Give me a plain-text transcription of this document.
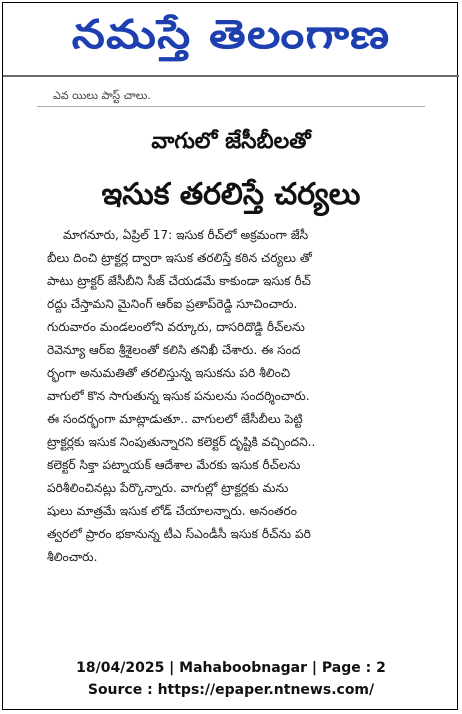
నమస్తే తెలంగాణ
ఎవ యిలు పాస్ట్ చాలు.
వాగులో జేసీబీలతో
ఇసుక తరలిస్తే చర్యలు
మాగనూరు, ఏప్రిల్ 17: ఇసుక రీచ్‌లో అక్రమంగా జేసీ
బీలు దించి ట్రాక్టర్ల ద్వారా ఇసుక తరలిస్తే కఠిన చర్యలు తో
పాటు ట్రాక్టర్ జేసీబీని సీజ్ చేయడమే కాకుండా ఇసుక రీచ్
రద్దు చేస్తామని మైనింగ్ ఆర్‌ఐ ప్రతాప్‌రెడ్డి సూచించారు.
గురువారం మండలంలోని వర్కూరు, దాసరిదొడ్డి రీచ్‌లను
రెవెన్యూ ఆర్‌ఐ శ్రీశైలంతో కలిసి తనిఖీ చేశారు. ఈ సంద
ర్భంగా అనుమతితో తరలిస్తున్న ఇసుకను పరి శీలించి
వాగులో కొన సాగుతున్న ఇసుక పనులను సందర్శించారు.
ఈ సందర్భంగా మాట్లాడుతూ.. వాగులలో జేసీబీలు పెట్టి
ట్రాక్టర్లకు ఇసుక నింపుతున్నారని కలెక్టర్ దృష్టికి వచ్చిందని..
కలెక్టర్ సిక్తా పట్నాయక్ ఆదేశాల మేరకు ఇసుక రీచ్‌లను
పరిశీలించినట్లు పేర్కొన్నారు. వాగుల్లో ట్రాక్టర్లకు మను
షులు మాత్రమే ఇసుక లోడ్ చేయాలన్నారు. అనంతరం
త్వరలో ప్రారం భకానున్న టీఎ స్‌ఎండీసీ ఇసుక రీచ్‌ను పరి
శీలించారు.
18/04/2025 | Mahaboobnagar | Page : 2
Source : https://epaper.ntnews.com/
